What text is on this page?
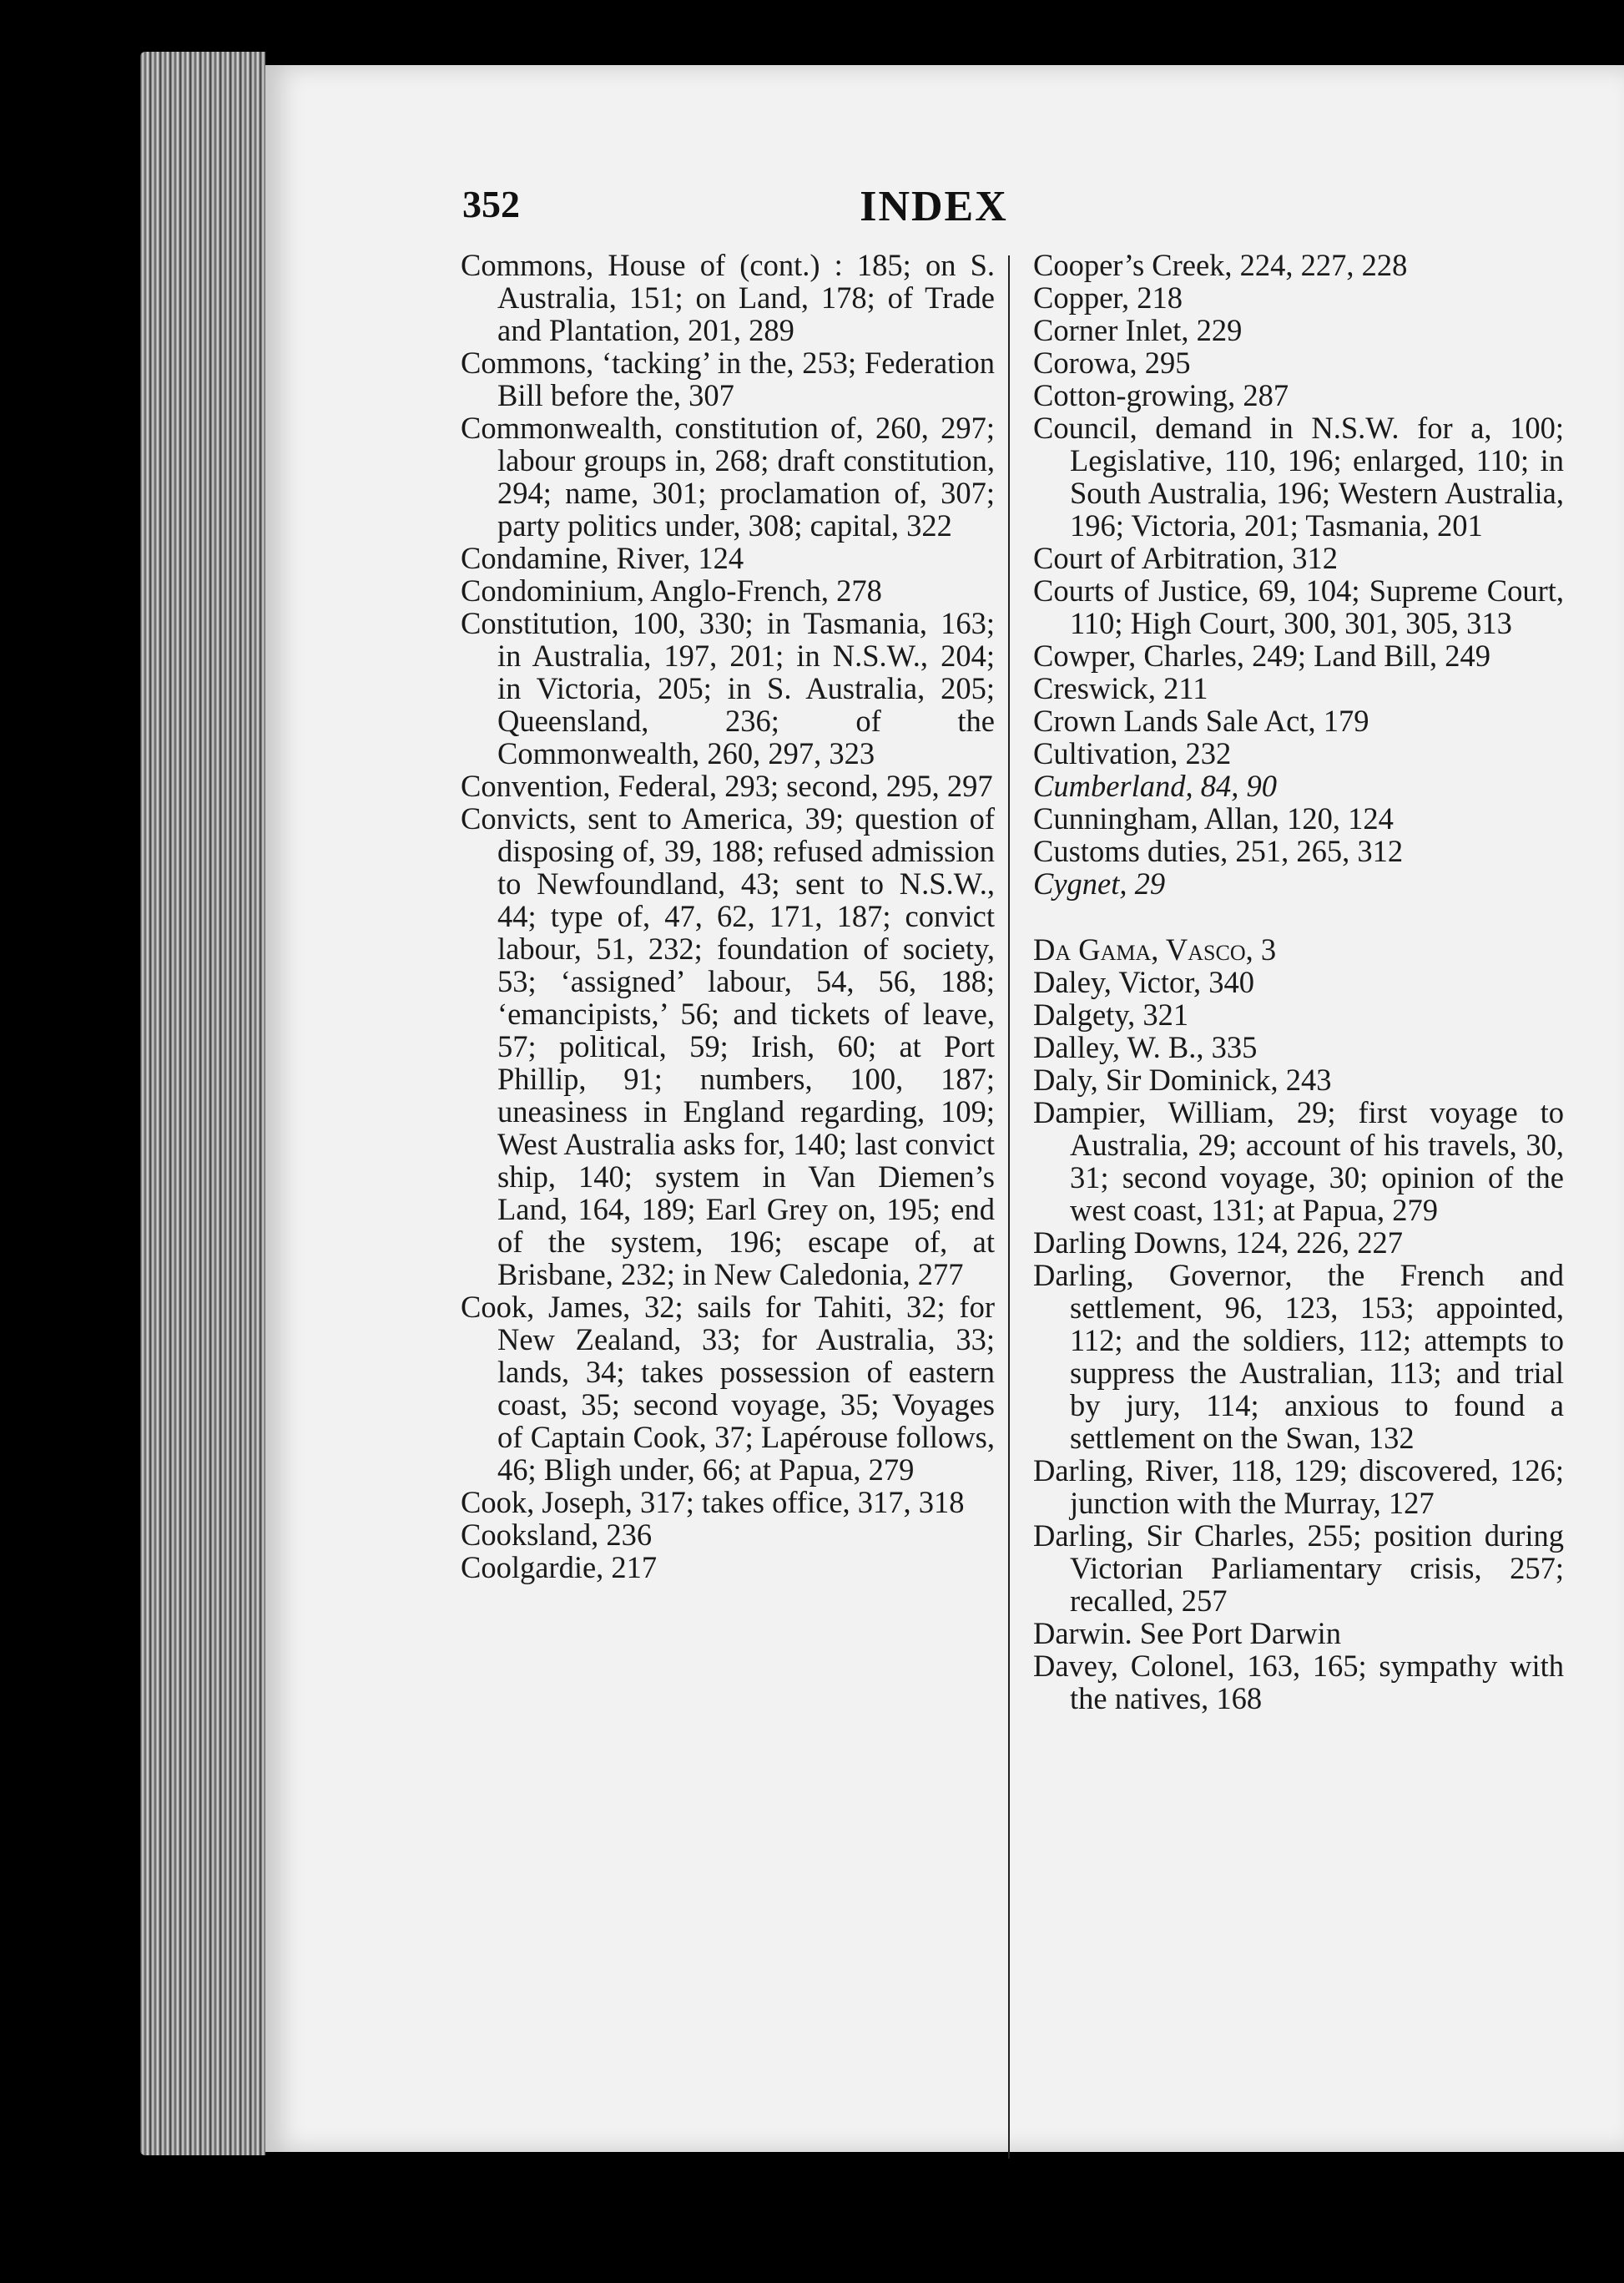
352	INDEX

Commons, House of (cont.) : 185; on S. Australia, 151; on Land, 178; of Trade and Plantation, 201, 289

Commons, ‘tacking’ in the, 253; Federation Bill before the, 307

Commonwealth, constitution of, 260, 297; labour groups in, 268; draft constitution, 294; name, 301; proclamation of, 307; party politics under, 308; capital, 322

Condamine, River, 124

Condominium, Anglo-French, 278

Constitution, 100, 330; in Tasmania, 163; in Australia, 197, 201; in N.S.W., 204; in Victoria, 205; in S. Australia, 205; Queensland, 236; of the Commonwealth, 260, 297, 323

Convention, Federal, 293; second, 295, 297

Convicts, sent to America, 39; question of disposing of, 39, 188; refused admission to Newfoundland, 43; sent to N.S.W., 44; type of, 47, 62, 171, 187; convict labour, 51, 232; foundation of society, 53; ‘assigned’ labour, 54, 56, 188; ‘emancipists,’ 56; and tickets of leave, 57; political, 59; Irish, 60; at Port Phillip, 91; numbers, 100, 187; uneasiness in England regarding, 109; West Australia asks for, 140; last convict ship, 140; system in Van Diemen’s Land, 164, 189; Earl Grey on, 195; end of the system, 196; escape of, at Brisbane, 232; in New Caledonia, 277

Cook, James, 32; sails for Tahiti, 32; for New Zealand, 33; for Australia, 33; lands, 34; takes possession of eastern coast, 35; second voyage, 35; Voyages of Captain Cook, 37; Lapérouse follows, 46; Bligh under, 66; at Papua, 279

Cook, Joseph, 317; takes office, 317, 318

Cooksland, 236

Coolgardie, 217

Cooper’s Creek, 224, 227, 228

Copper, 218

Corner Inlet, 229

Corowa, 295

Cotton-growing, 287

Council, demand in N.S.W. for a, 100; Legislative, 110, 196; enlarged, 110; in South Australia, 196; Western Australia, 196; Victoria, 201; Tasmania, 201

Court of Arbitration, 312

Courts of Justice, 69, 104; Supreme Court, 110; High Court, 300, 301, 305, 313

Cowper, Charles, 249; Land Bill, 249

Creswick, 211

Crown Lands Sale Act, 179

Cultivation, 232

Cumberland, 84, 90

Cunningham, Allan, 120, 124

Customs duties, 251, 265, 312

Cygnet, 29

Da Gama, Vasco, 3

Daley, Victor, 340

Dalgety, 321

Dalley, W. B., 335

Daly, Sir Dominick, 243

Dampier, William, 29; first voyage to Australia, 29; account of his travels, 30, 31; second voyage, 30; opinion of the west coast, 131; at Papua, 279

Darling Downs, 124, 226, 227

Darling, Governor, the French and settlement, 96, 123, 153; appointed, 112; and the soldiers, 112; attempts to suppress the Australian, 113; and trial by jury, 114; anxious to found a settlement on the Swan, 132

Darling, River, 118, 129; discovered, 126; junction with the Murray, 127

Darling, Sir Charles, 255; position during Victorian Parliamentary crisis, 257; recalled, 257

Darwin. See Port Darwin

Davey, Colonel, 163, 165; sympathy with the natives, 168
